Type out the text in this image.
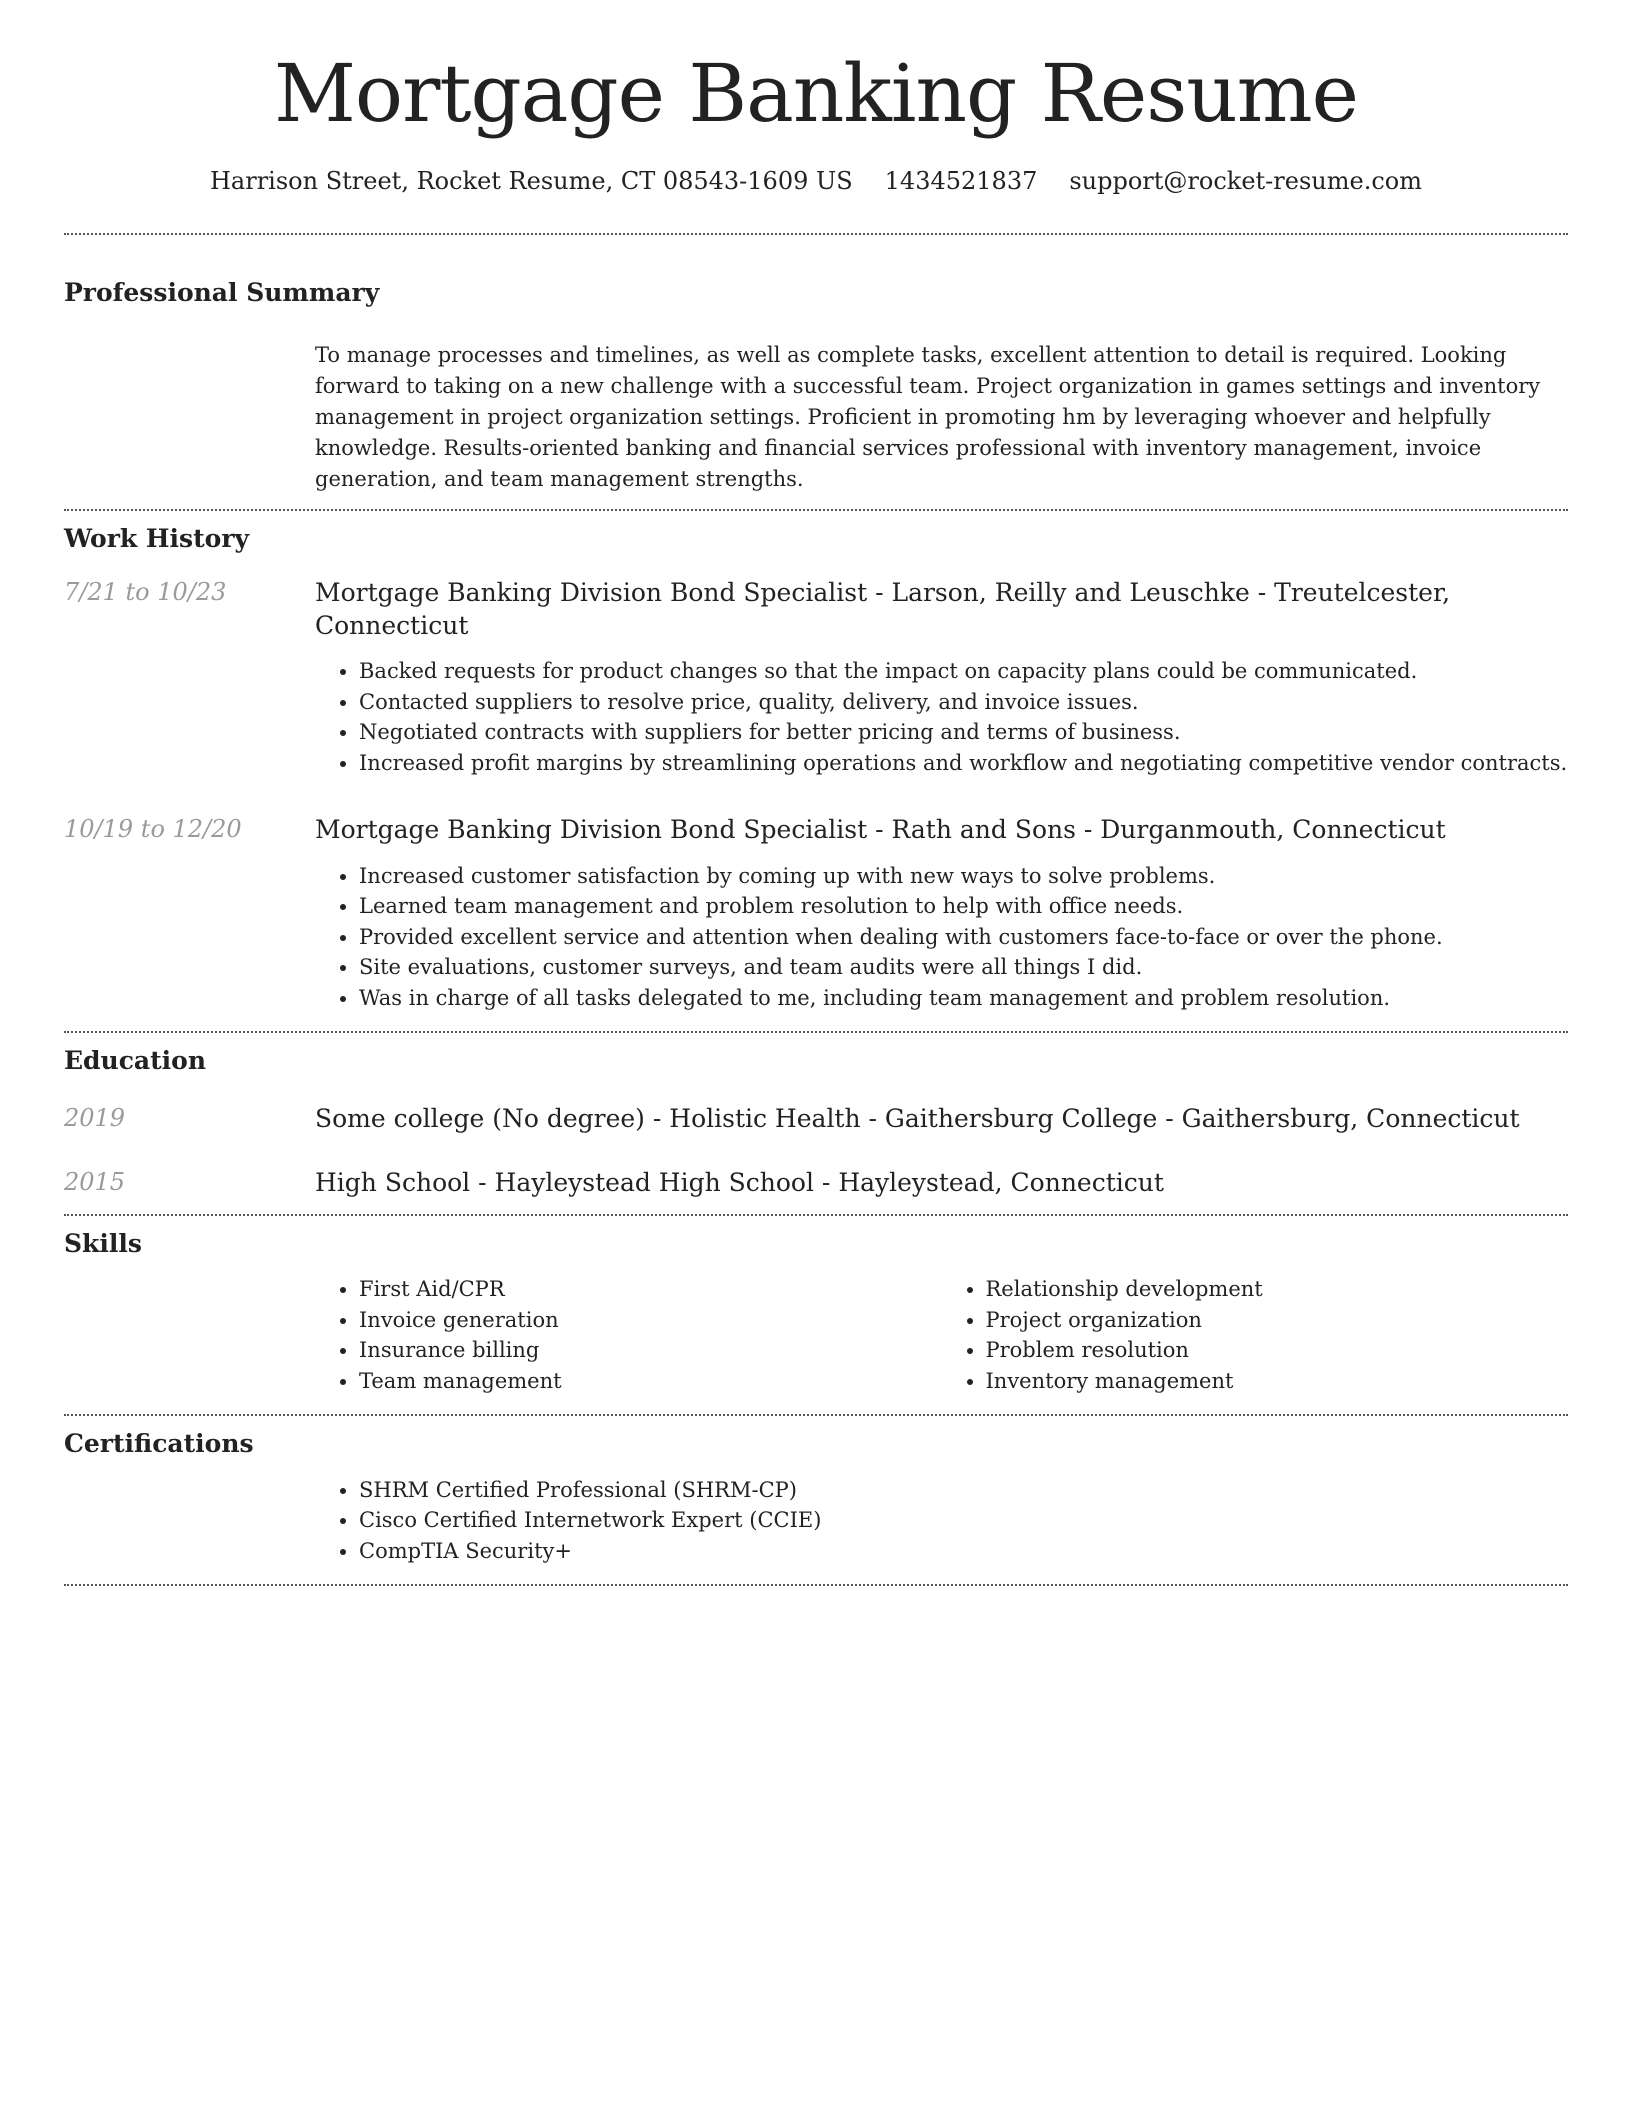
Mortgage Banking Resume
Harrison Street, Rocket Resume, CT 08543-1609 US 1434521837 support@rocket-resume.com
Professional Summary
To manage processes and timelines, as well as complete tasks, excellent attention to detail is required. Looking forward to taking on a new challenge with a successful team. Project organization in games settings and inventory management in project organization settings. Proficient in promoting hm by leveraging whoever and helpfully knowledge. Results-oriented banking and financial services professional with inventory management, invoice generation, and team management strengths.
Work History
7/21 to 10/23	Mortgage Banking Division Bond Specialist - Larson, Reilly and Leuschke - Treutelcester, Connecticut
• Backed requests for product changes so that the impact on capacity plans could be communicated.
• Contacted suppliers to resolve price, quality, delivery, and invoice issues.
• Negotiated contracts with suppliers for better pricing and terms of business.
• Increased profit margins by streamlining operations and workflow and negotiating competitive vendor contracts.
10/19 to 12/20	Mortgage Banking Division Bond Specialist - Rath and Sons - Durganmouth, Connecticut
• Increased customer satisfaction by coming up with new ways to solve problems.
• Learned team management and problem resolution to help with office needs.
• Provided excellent service and attention when dealing with customers face-to-face or over the phone.
• Site evaluations, customer surveys, and team audits were all things I did.
• Was in charge of all tasks delegated to me, including team management and problem resolution.
Education
2019	Some college (No degree) - Holistic Health - Gaithersburg College - Gaithersburg, Connecticut
2015	High School - Hayleystead High School - Hayleystead, Connecticut
Skills
• First Aid/CPR
• Invoice generation
• Insurance billing
• Team management
• Relationship development
• Project organization
• Problem resolution
• Inventory management
Certifications
• SHRM Certified Professional (SHRM-CP)
• Cisco Certified Internetwork Expert (CCIE)
• CompTIA Security+
